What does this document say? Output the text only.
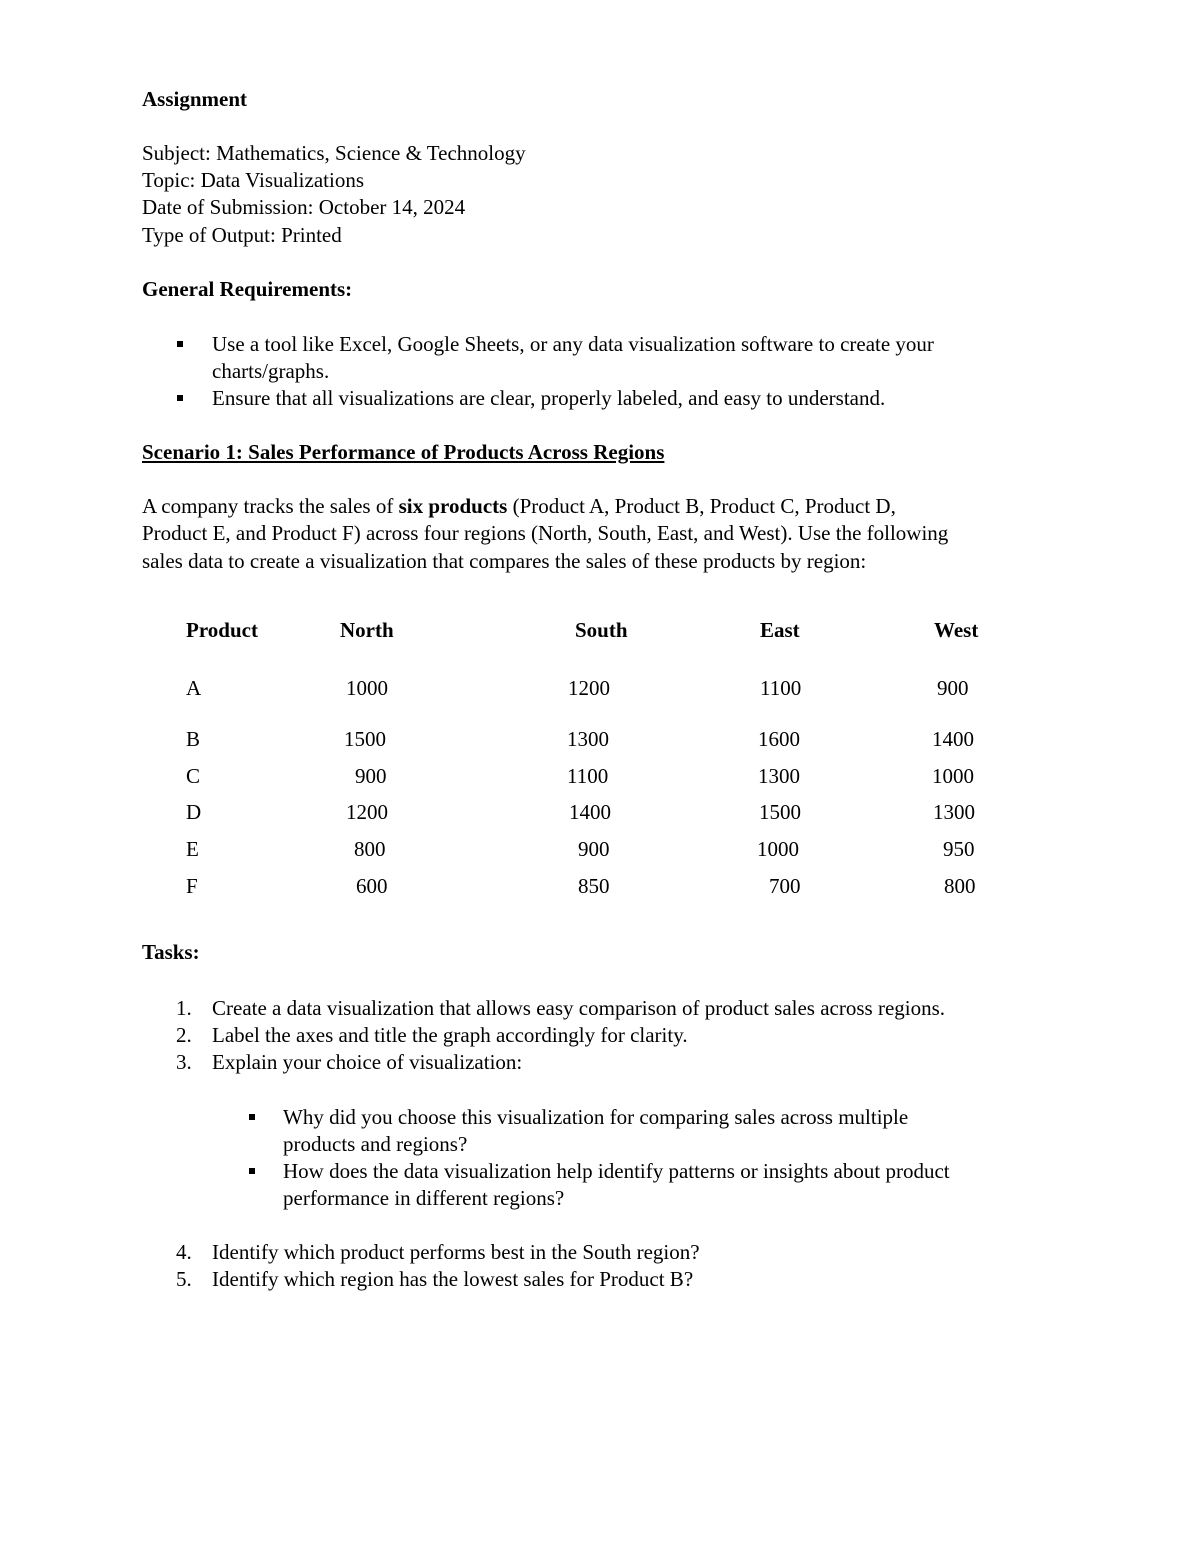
Assignment
Subject: Mathematics, Science & Technology
Topic: Data Visualizations
Date of Submission: October 14, 2024
Type of Output: Printed
General Requirements:
Use a tool like Excel, Google Sheets, or any data visualization software to create your
charts/graphs.
Ensure that all visualizations are clear, properly labeled, and easy to understand.
Scenario 1: Sales Performance of Products Across Regions
A company tracks the sales of six products (Product A, Product B, Product C, Product D,
Product E, and Product F) across four regions (North, South, East, and West). Use the following
sales data to create a visualization that compares the sales of these products by region:
Product	North	South	East	West
A	1000	1200	1100	900
B	1500	1300	1600	1400
C	900	1100	1300	1000
D	1200	1400	1500	1300
E	800	900	1000	950
F	600	850	700	800
Tasks:
1. Create a data visualization that allows easy comparison of product sales across regions.
2. Label the axes and title the graph accordingly for clarity.
3. Explain your choice of visualization:
Why did you choose this visualization for comparing sales across multiple
products and regions?
How does the data visualization help identify patterns or insights about product
performance in different regions?
4. Identify which product performs best in the South region?
5. Identify which region has the lowest sales for Product B?
